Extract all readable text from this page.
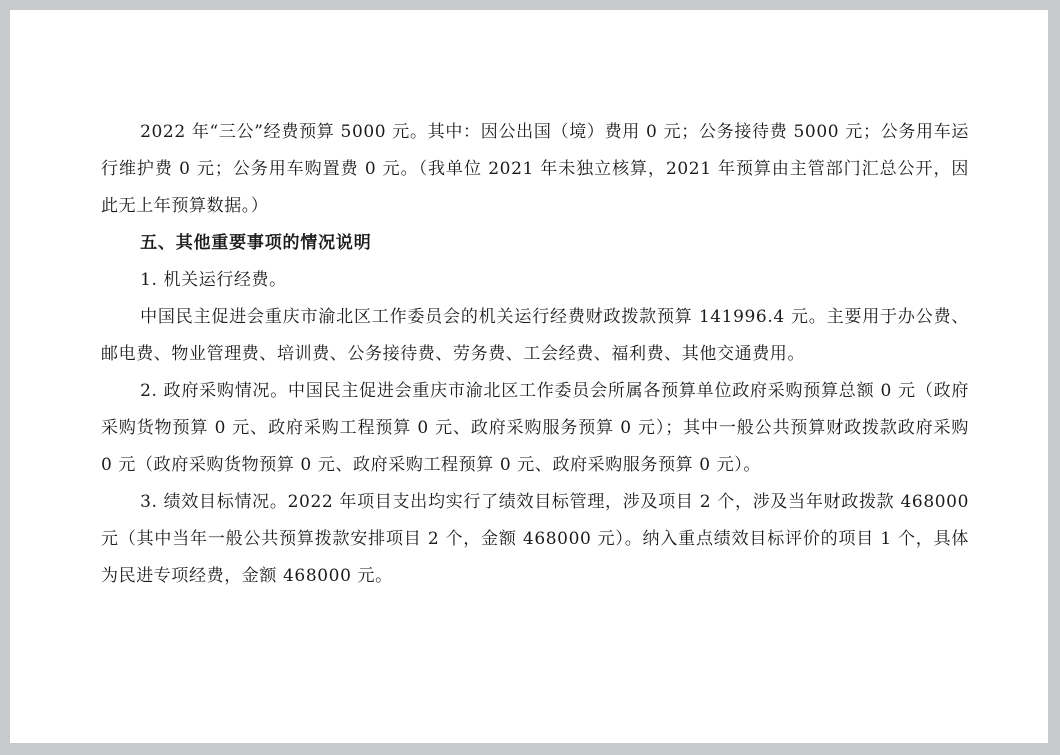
2022 年“三公”经费预算 5000 元。其中：因公出国（境）费用 0 元；公务接待费 5000 元；公务用车运行维护费 0 元；公务用车购置费 0 元。（我单位 2021 年未独立核算，2021 年预算由主管部门汇总公开，因此无上年预算数据。）

五、其他重要事项的情况说明

1. 机关运行经费。

中国民主促进会重庆市渝北区工作委员会的机关运行经费财政拨款预算 141996.4 元。主要用于办公费、邮电费、物业管理费、培训费、公务接待费、劳务费、工会经费、福利费、其他交通费用。

2. 政府采购情况。中国民主促进会重庆市渝北区工作委员会所属各预算单位政府采购预算总额 0 元（政府采购货物预算 0 元、政府采购工程预算 0 元、政府采购服务预算 0 元）；其中一般公共预算财政拨款政府采购 0 元（政府采购货物预算 0 元、政府采购工程预算 0 元、政府采购服务预算 0 元）。

3. 绩效目标情况。2022 年项目支出均实行了绩效目标管理，涉及项目 2 个，涉及当年财政拨款 468000 元（其中当年一般公共预算拨款安排项目 2 个，金额 468000 元）。纳入重点绩效目标评价的项目 1 个，具体为民进专项经费，金额 468000 元。
